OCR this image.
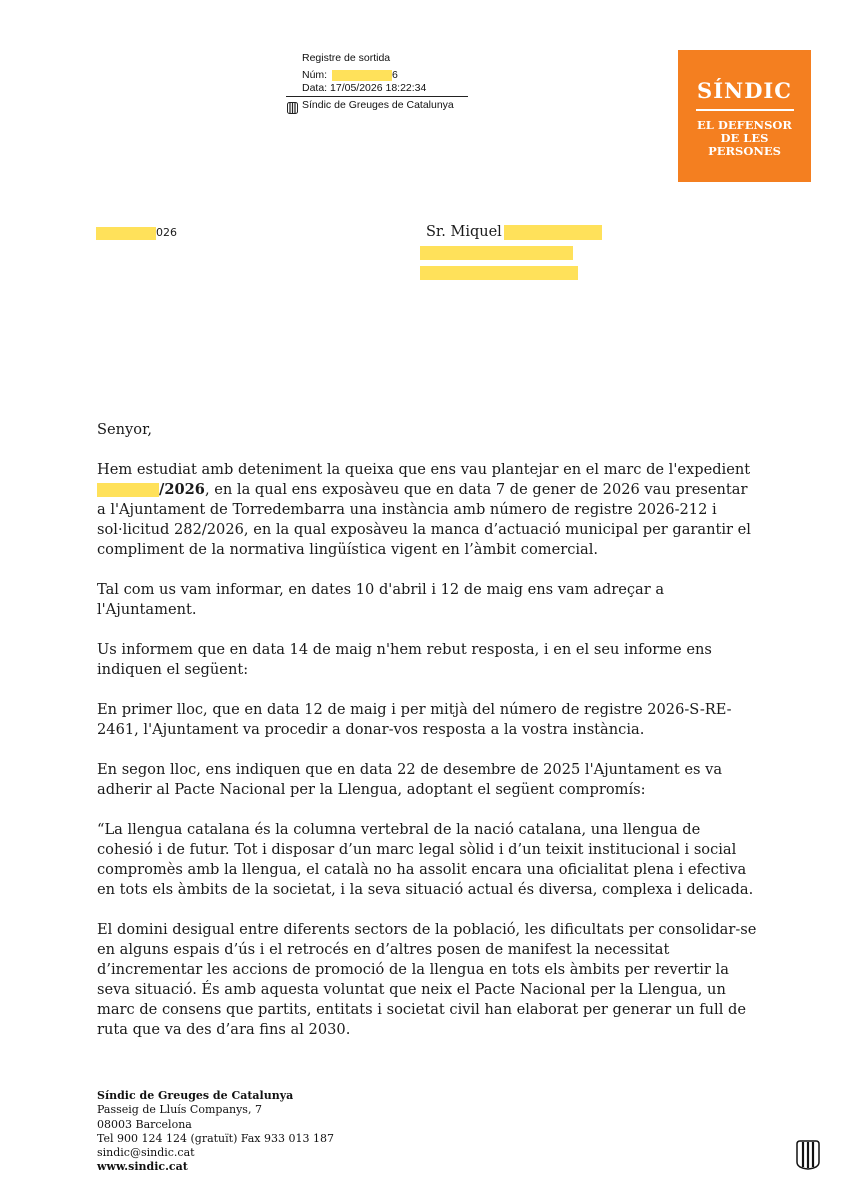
Registre de sortida
Núm:	6
Data: 17/05/2026 18:22:34
Síndic de Greuges de Catalunya
SÍNDIC
EL DEFENSOR
DE LES
PERSONES
026	Sr. Miquel

Senyor,

Hem estudiat amb deteniment la queixa que ens vau plantejar en el marc de l'expedient /2026, en la qual ens exposàveu que en data 7 de gener de 2026 vau presentar a l'Ajuntament de Torredembarra una instància amb número de registre 2026-212 i sol·licitud 282/2026, en la qual exposàveu la manca d’actuació municipal per garantir el compliment de la normativa lingüística vigent en l’àmbit comercial.

Tal com us vam informar, en dates 10 d'abril i 12 de maig ens vam adreçar a l'Ajuntament.

Us informem que en data 14 de maig n'hem rebut resposta, i en el seu informe ens indiquen el següent:

En primer lloc, que en data 12 de maig i per mitjà del número de registre 2026-S-RE-2461, l'Ajuntament va procedir a donar-vos resposta a la vostra instància.

En segon lloc, ens indiquen que en data 22 de desembre de 2025 l'Ajuntament es va adherir al Pacte Nacional per la Llengua, adoptant el següent compromís:

“La llengua catalana és la columna vertebral de la nació catalana, una llengua de cohesió i de futur. Tot i disposar d’un marc legal sòlid i d’un teixit institucional i social compromès amb la llengua, el català no ha assolit encara una oficialitat plena i efectiva en tots els àmbits de la societat, i la seva situació actual és diversa, complexa i delicada.

El domini desigual entre diferents sectors de la població, les dificultats per consolidar-se en alguns espais d’ús i el retrocés en d’altres posen de manifest la necessitat d’incrementar les accions de promoció de la llengua en tots els àmbits per revertir la seva situació. És amb aquesta voluntat que neix el Pacte Nacional per la Llengua, un marc de consens que partits, entitats i societat civil han elaborat per generar un full de ruta que va des d’ara fins al 2030.

Síndic de Greuges de Catalunya
Passeig de Lluís Companys, 7
08003 Barcelona
Tel 900 124 124 (gratuït) Fax 933 013 187
sindic@sindic.cat
www.sindic.cat
